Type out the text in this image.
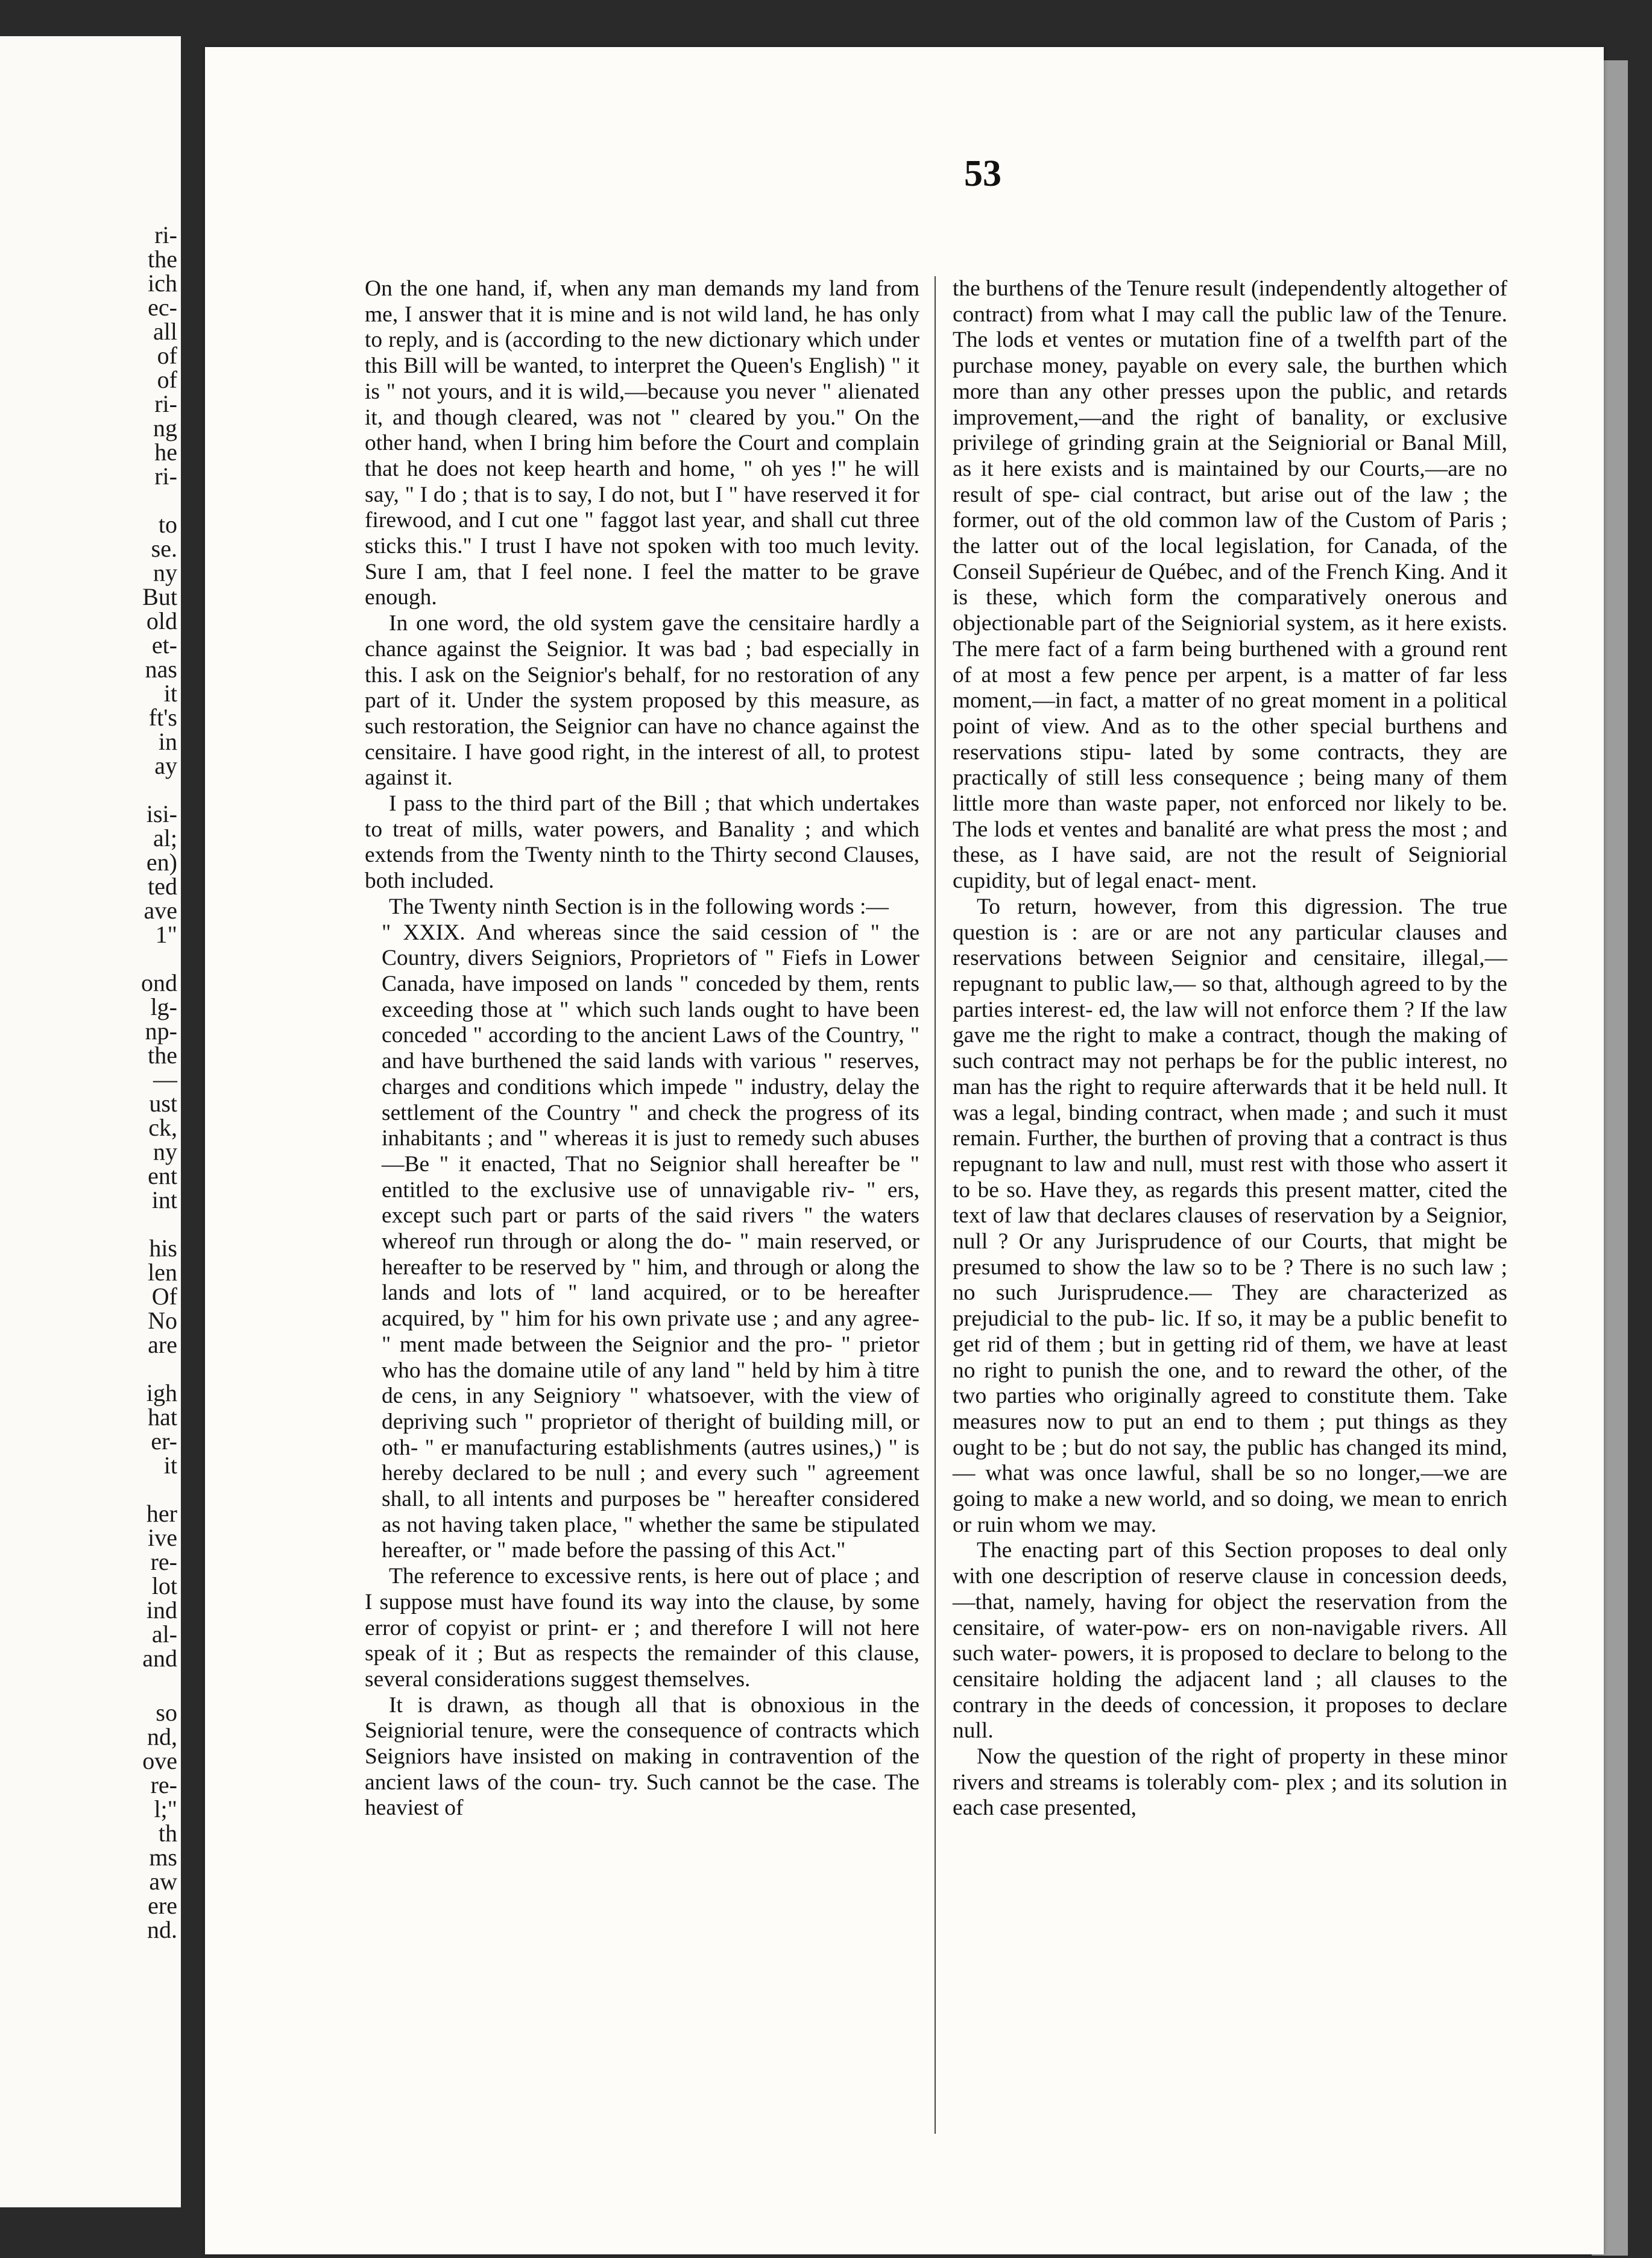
ri-
the
ich
ec-
all
of
of
ri-
ng
he
ri-
to
se.
ny
But
old
et-
nas
it
ft's
in
ay
isi-
al;
en)
ted
ave
1"
ond
lg-
np-
the
—
ust
ck,
ny
ent
int
his
len
Of
No
are
igh
hat
er-
it
her
ive
re-
lot
ind
al-
and
so
nd,
ove
re-
l;"
th
ms
aw
ere
nd.
53

On the one hand, if, when any man demands my land from me, I answer that it is mine and is not wild land, he has only to reply, and is (according to the new dictionary which under this Bill will be wanted, to interpret the Queen's English) " it is " not yours, and it is wild,—because you never " alienated it, and though cleared, was not " cleared by you." On the other hand, when I bring him before the Court and complain that he does not keep hearth and home, " oh yes !" he will say, " I do ; that is to say, I do not, but I " have reserved it for firewood, and I cut one " faggot last year, and shall cut three sticks this." I trust I have not spoken with too much levity. Sure I am, that I feel none. I feel the matter to be grave enough.

In one word, the old system gave the censitaire hardly a chance against the Seignior. It was bad ; bad especially in this. I ask on the Seignior's behalf, for no restoration of any part of it. Under the system proposed by this measure, as such restoration, the Seignior can have no chance against the censitaire. I have good right, in the interest of all, to protest against it.

I pass to the third part of the Bill ; that which undertakes to treat of mills, water powers, and Banality ; and which extends from the Twenty ninth to the Thirty second Clauses, both included.

The Twenty ninth Section is in the following words :—

" XXIX. And whereas since the said cession of " the Country, divers Seigniors, Proprietors of " Fiefs in Lower Canada, have imposed on lands " conceded by them, rents exceeding those at " which such lands ought to have been conceded " according to the ancient Laws of the Country, " and have burthened the said lands with various " reserves, charges and conditions which impede " industry, delay the settlement of the Country " and check the progress of its inhabitants ; and " whereas it is just to remedy such abuses—Be " it enacted, That no Seignior shall hereafter be " entitled to the exclusive use of unnavigable riv- " ers, except such part or parts of the said rivers " the waters whereof run through or along the do- " main reserved, or hereafter to be reserved by " him, and through or along the lands and lots of " land acquired, or to be hereafter acquired, by " him for his own private use ; and any agree- " ment made between the Seignior and the pro- " prietor who has the domaine utile of any land " held by him à titre de cens, in any Seigniory " whatsoever, with the view of depriving such " proprietor of theright of building mill, or oth- " er manufacturing establishments (autres usines,) " is hereby declared to be null ; and every such " agreement shall, to all intents and purposes be " hereafter considered as not having taken place, " whether the same be stipulated hereafter, or " made before the passing of this Act."

The reference to excessive rents, is here out of place ; and I suppose must have found its way into the clause, by some error of copyist or print- er ; and therefore I will not here speak of it ; But as respects the remainder of this clause, several considerations suggest themselves.

It is drawn, as though all that is obnoxious in the Seigniorial tenure, were the consequence of contracts which Seigniors have insisted on making in contravention of the ancient laws of the coun- try. Such cannot be the case. The heaviest of

the burthens of the Tenure result (independently altogether of contract) from what I may call the public law of the Tenure. The lods et ventes or mutation fine of a twelfth part of the purchase money, payable on every sale, the burthen which more than any other presses upon the public, and retards improvement,—and the right of banality, or exclusive privilege of grinding grain at the Seigniorial or Banal Mill, as it here exists and is maintained by our Courts,—are no result of spe- cial contract, but arise out of the law ; the former, out of the old common law of the Custom of Paris ; the latter out of the local legislation, for Canada, of the Conseil Supérieur de Québec, and of the French King. And it is these, which form the comparatively onerous and objectionable part of the Seigniorial system, as it here exists. The mere fact of a farm being burthened with a ground rent of at most a few pence per arpent, is a matter of far less moment,—in fact, a matter of no great moment in a political point of view. And as to the other special burthens and reservations stipu- lated by some contracts, they are practically of still less consequence ; being many of them little more than waste paper, not enforced nor likely to be. The lods et ventes and banalité are what press the most ; and these, as I have said, are not the result of Seigniorial cupidity, but of legal enact- ment.

To return, however, from this digression. The true question is : are or are not any particular clauses and reservations between Seignior and censitaire, illegal,—repugnant to public law,— so that, although agreed to by the parties interest- ed, the law will not enforce them ? If the law gave me the right to make a contract, though the making of such contract may not perhaps be for the public interest, no man has the right to require afterwards that it be held null. It was a legal, binding contract, when made ; and such it must remain. Further, the burthen of proving that a contract is thus repugnant to law and null, must rest with those who assert it to be so. Have they, as regards this present matter, cited the text of law that declares clauses of reservation by a Seignior, null ? Or any Jurisprudence of our Courts, that might be presumed to show the law so to be ? There is no such law ; no such Jurisprudence.— They are characterized as prejudicial to the pub- lic. If so, it may be a public benefit to get rid of them ; but in getting rid of them, we have at least no right to punish the one, and to reward the other, of the two parties who originally agreed to constitute them. Take measures now to put an end to them ; put things as they ought to be ; but do not say, the public has changed its mind,— what was once lawful, shall be so no longer,—we are going to make a new world, and so doing, we mean to enrich or ruin whom we may.

The enacting part of this Section proposes to deal only with one description of reserve clause in concession deeds,—that, namely, having for object the reservation from the censitaire, of water-pow- ers on non-navigable rivers. All such water- powers, it is proposed to declare to belong to the censitaire holding the adjacent land ; all clauses to the contrary in the deeds of concession, it proposes to declare null.

Now the question of the right of property in these minor rivers and streams is tolerably com- plex ; and its solution in each case presented,
